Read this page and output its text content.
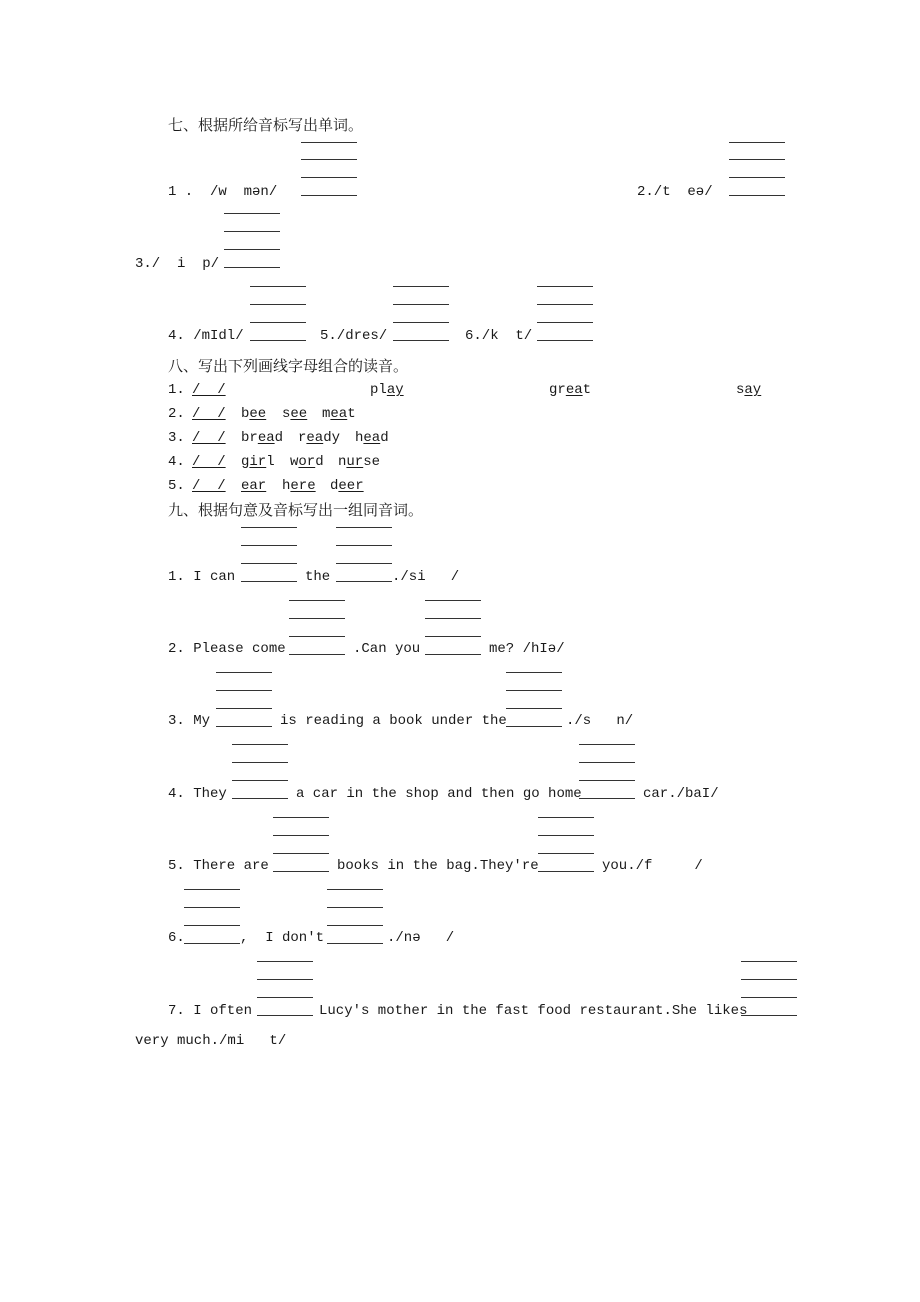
七、根据所给音标写出单词。
1 .  /w  mən/	2./t  eə/
3./  i  p/
4. /mIdl/	5./dres/	6./k  t/
八、写出下列画线字母组合的读音。
1. /  /	play	great	say
2. /  / bee see meat
3. /  / bread ready head
4. /  / girl word nurse
5. /  / ear here deer
九、根据句意及音标写出一组同音词。
1. I can	the	./si   /
2. Please come	.Can you	me? /hIə/
3. My	is reading a book under the	./s   n/
4. They	a car in the shop and then go home	car./baI/
5. There are	books in the bag.They're	you./f     /
6.	,  I don't	./nə   /
7. I often	Lucy's mother in the fast food restaurant.She likes
very much./mi   t/
